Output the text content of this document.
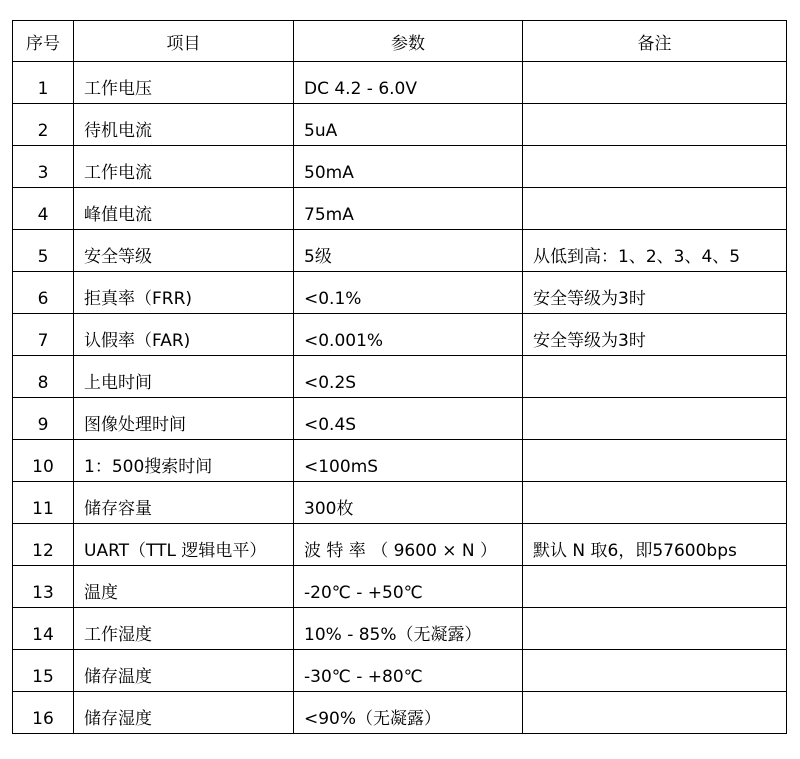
序号	项目	参数	备注
1	工作电压	DC 4.2 - 6.0V	
2	待机电流	5uA	
3	工作电流	50mA	
4	峰值电流	75mA	
5	安全等级	5级	从低到高：1、2、3、4、5
6	拒真率（FRR)	<0.1%	安全等级为3时
7	认假率（FAR)	<0.001%	安全等级为3时
8	上电时间	<0.2S	
9	图像处理时间	<0.4S	
10	1：500搜索时间	<100mS	
11	储存容量	300枚	
12	UART（TTL 逻辑电平）	波 特 率 （ 9600 × N ）	默认 N 取6，即57600bps
13	温度	-20℃ - +50℃	
14	工作湿度	10% - 85%（无凝露）	
15	储存温度	-30℃ - +80℃	
16	储存湿度	<90%（无凝露）	
